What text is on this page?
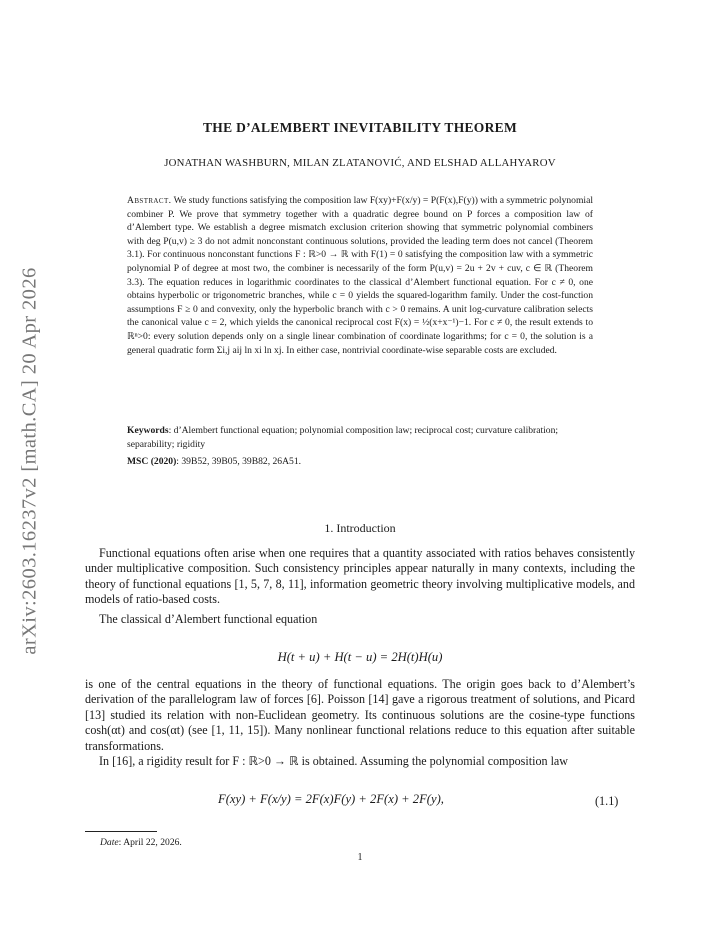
arXiv:2603.16237v2 [math.CA] 20 Apr 2026
THE D’ALEMBERT INEVITABILITY THEOREM
JONATHAN WASHBURN, MILAN ZLATANOVIĆ, AND ELSHAD ALLAHYAROV
Abstract. We study functions satisfying the composition law F(xy)+F(x/y) = P(F(x),F(y)) with a symmetric polynomial combiner P. We prove that symmetry together with a quadratic degree bound on P forces a composition law of d’Alembert type. We establish a degree mismatch exclusion criterion showing that symmetric polynomial combiners with deg P(u,v) ≥ 3 do not admit nonconstant continuous solutions, provided the leading term does not cancel (Theorem 3.1). For continuous nonconstant functions F : ℝ>0 → ℝ with F(1) = 0 satisfying the composition law with a symmetric polynomial P of degree at most two, the combiner is necessarily of the form P(u,v) = 2u + 2v + cuv, c ∈ ℝ (Theorem 3.3). The equation reduces in logarithmic coordinates to the classical d’Alembert functional equation. For c ≠ 0, one obtains hyperbolic or trigonometric branches, while c = 0 yields the squared-logarithm family. Under the cost-function assumptions F ≥ 0 and convexity, only the hyperbolic branch with c > 0 remains. A unit log-curvature calibration selects the canonical value c = 2, which yields the canonical reciprocal cost F(x) = ½(x+x⁻¹)−1. For c ≠ 0, the result extends to ℝⁿ>0: every solution depends only on a single linear combination of coordinate logarithms; for c = 0, the solution is a general quadratic form Σi,j aij ln xi ln xj. In either case, nontrivial coordinate-wise separable costs are excluded.
Keywords: d’Alembert functional equation; polynomial composition law; reciprocal cost; curvature calibration; separability; rigidity
MSC (2020): 39B52, 39B05, 39B82, 26A51.
1. Introduction
Functional equations often arise when one requires that a quantity associated with ratios behaves consistently under multiplicative composition. Such consistency principles appear naturally in many contexts, including the theory of functional equations [1, 5, 7, 8, 11], information geometric theory involving multiplicative models, and models of ratio-based costs.
The classical d’Alembert functional equation
H(t + u) + H(t − u) = 2H(t)H(u)
is one of the central equations in the theory of functional equations. The origin goes back to d’Alembert’s derivation of the parallelogram law of forces [6]. Poisson [14] gave a rigorous treatment of solutions, and Picard [13] studied its relation with non-Euclidean geometry. Its continuous solutions are the cosine-type functions cosh(αt) and cos(αt) (see [1, 11, 15]). Many nonlinear functional relations reduce to this equation after suitable transformations.
In [16], a rigidity result for F : ℝ>0 → ℝ is obtained. Assuming the polynomial composition law
F(xy) + F(x/y) = 2F(x)F(y) + 2F(x) + 2F(y),	(1.1)
Date: April 22, 2026.
1
